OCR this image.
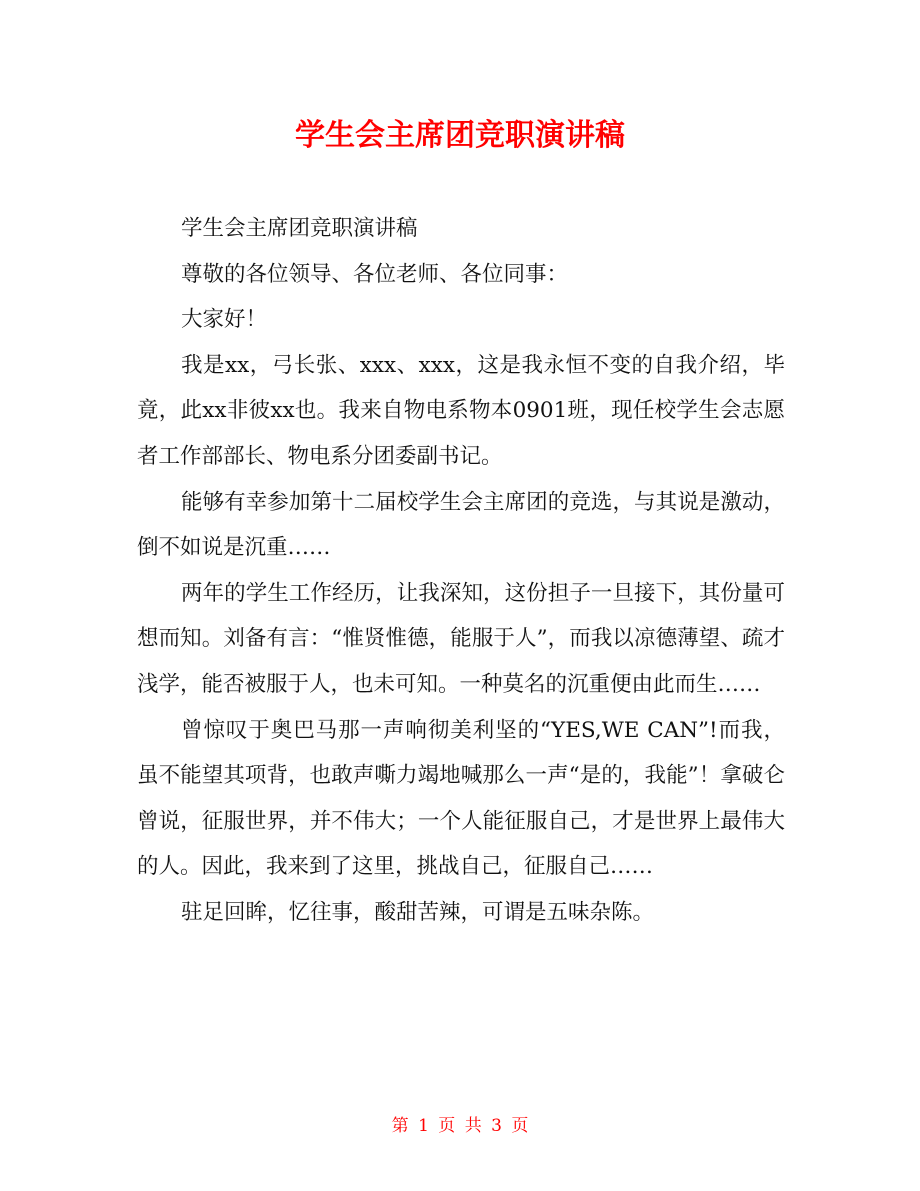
学生会主席团竞职演讲稿

学生会主席团竞职演讲稿

尊敬的各位领导、各位老师、各位同事：

大家好！

我是xx，弓长张、xxx、xxx，这是我永恒不变的自我介绍，毕竟，此xx非彼xx也。我来自物电系物本0901班，现任校学生会志愿者工作部部长、物电系分团委副书记。

能够有幸参加第十二届校学生会主席团的竞选，与其说是激动，倒不如说是沉重……

两年的学生工作经历，让我深知，这份担子一旦接下，其份量可想而知。刘备有言：“惟贤惟德，能服于人”，而我以凉德薄望、疏才浅学，能否被服于人，也未可知。一种莫名的沉重便由此而生……

曾惊叹于奥巴马那一声响彻美利坚的“YES,WE CAN”!而我，虽不能望其项背，也敢声嘶力竭地喊那么一声“是的，我能”！拿破仑曾说，征服世界，并不伟大；一个人能征服自己，才是世界上最伟大的人。因此，我来到了这里，挑战自己，征服自己……

驻足回眸，忆往事，酸甜苦辣，可谓是五味杂陈。

第 1 页 共 3 页
